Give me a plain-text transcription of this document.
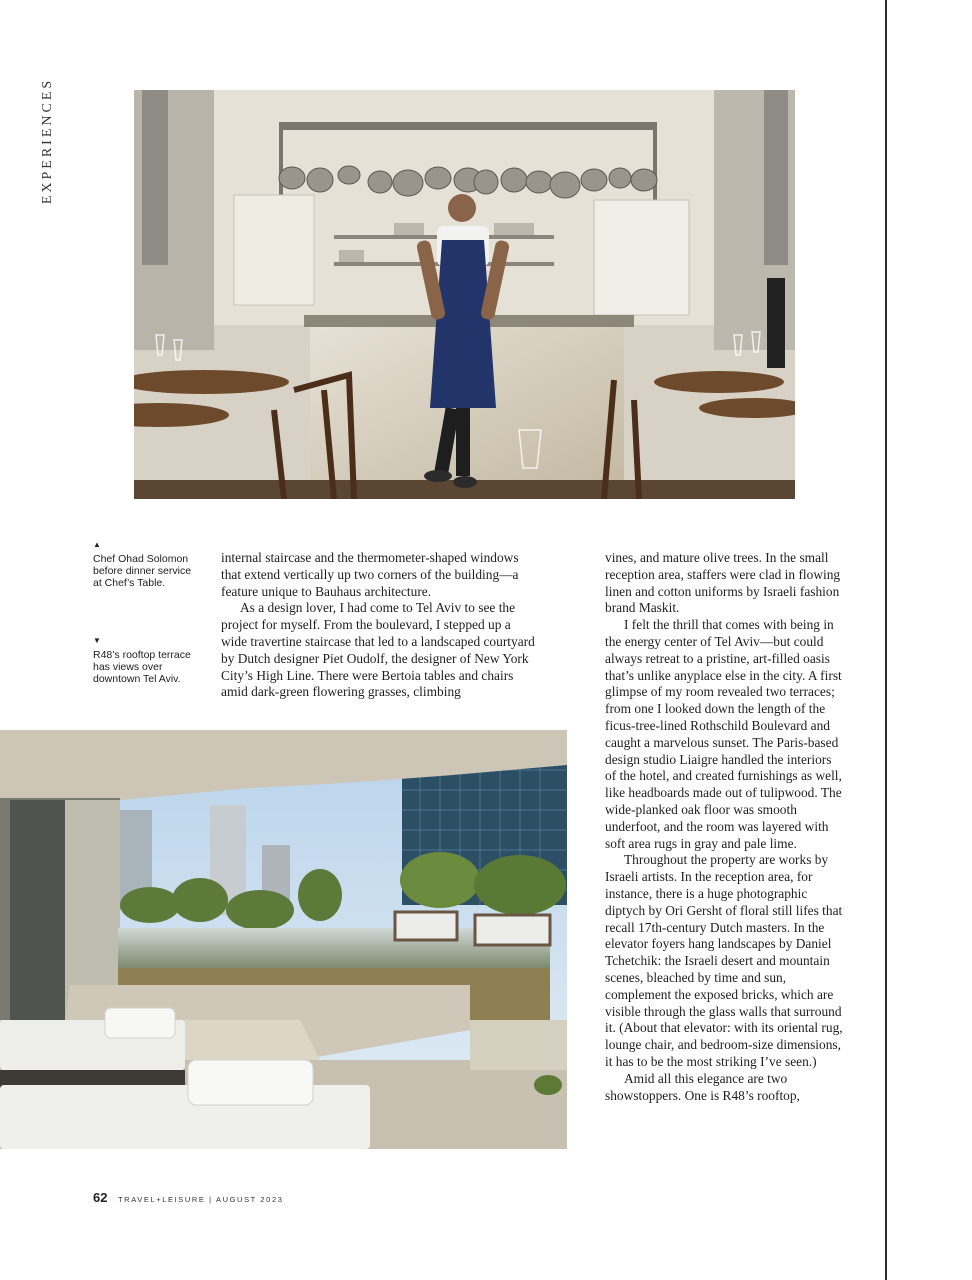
EXPERIENCES
▲
Chef Ohad Solomon before dinner service at Chef’s Table.
▼
R48’s rooftop terrace has views over downtown Tel Aviv.

internal staircase and the thermometer-shaped windows that extend vertically up two corners of the building—a feature unique to Bauhaus architecture.

As a design lover, I had come to Tel Aviv to see the project for myself. From the boulevard, I stepped up a wide travertine staircase that led to a landscaped courtyard by Dutch designer Piet Oudolf, the designer of New York City’s High Line. There were Bertoia tables and chairs amid dark-green flowering grasses, climbing

vines, and mature olive trees. In the small reception area, staffers were clad in flowing linen and cotton uniforms by Israeli fashion brand Maskit.

I felt the thrill that comes with being in the energy center of Tel Aviv—but could always retreat to a pristine, art-filled oasis that’s unlike anyplace else in the city. A first glimpse of my room revealed two terraces; from one I looked down the length of the ficus-tree-lined Rothschild Boulevard and caught a marvelous sunset. The Paris-based design studio Liaigre handled the interiors of the hotel, and created furnishings as well, like headboards made out of tulipwood. The wide-planked oak floor was smooth underfoot, and the room was layered with soft area rugs in gray and pale lime.

Throughout the property are works by Israeli artists. In the reception area, for instance, there is a huge photographic diptych by Ori Gersht of floral still lifes that recall 17th-century Dutch masters. In the elevator foyers hang landscapes by Daniel Tchetchik: the Israeli desert and mountain scenes, bleached by time and sun, complement the exposed bricks, which are visible through the glass walls that surround it. (About that elevator: with its oriental rug, lounge chair, and bedroom-size dimensions, it has to be the most striking I’ve seen.)

Amid all this elegance are two showstoppers. One is R48’s rooftop,

62 TRAVEL+LEISURE | AUGUST 2023
